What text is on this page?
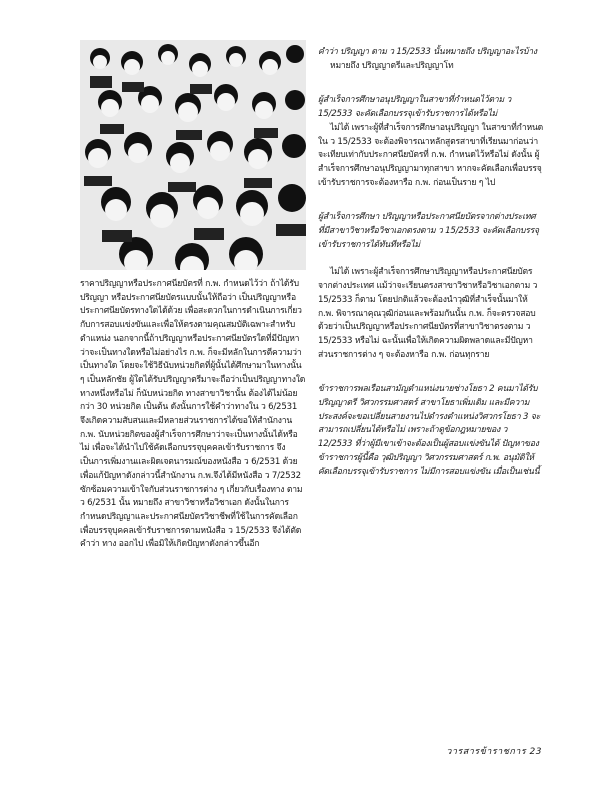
ราคาปริญญาหรือประกาศนียบัตรที่ ก.พ. กำหนดไว้ว่า ถ้าได้รับปริญญา หรือประกาศนียบัตรแบบนั้นให้ถือว่า เป็นปริญญาหรือประกาศนียบัตรทางใดได้ด้วย เพื่อสะดวกในการดำเนินการเกี่ยวกับการสอบแข่งขันและเพื่อให้ตรงตามคุณสมบัติเฉพาะสำหรับตำแหน่ง นอกจากนี้ถ้าปริญญาหรือประกาศนียบัตรใดที่มีปัญหาว่าจะเป็นทางใดหรือไม่อย่างไร ก.พ. ก็จะมีหลักในการตีความว่าเป็นทางใด โดยจะใช้วิธีนับหน่วยกิตที่ผู้นั้นได้ศึกษามาในทางนั้น ๆ เป็นหลักชัย ผู้ใดได้รับปริญญาตรีมาจะถือว่าเป็นปริญญาทางใดทางหนึ่งหรือไม่ ก็นับหน่วยกิต ทางสาขาวิชานั้น ต้องได้ไม่น้อยกว่า 30 หน่วยกิต เป็นต้น ดังนั้นการใช้คำว่าทางใน ว 6/2531 จึงเกิดความสับสนและมีหลายส่วนราชการได้ขอให้สำนักงาน ก.พ. นับหน่วยกิตของผู้สำเร็จการศึกษาว่าจะเป็นทางนั้นได้หรือไม่ เพื่อจะได้นำไปใช้คัดเลือกบรรจุบุคคลเข้ารับราชการ จึงเป็นการเพิ่มงานและผิดเจตนารมณ์ของหนังสือ ว 6/2531 ด้วย เพื่อแก้ปัญหาดังกล่าวนี้สำนักงาน ก.พ.จึงได้มีหนังสือ ว 7/2532 ซักซ้อมความเข้าใจกับส่วนราชการต่าง ๆ เกี่ยวกับเรื่องทาง ตาม ว 6/2531 นั้น หมายถึง สาขาวิชาหรือวิชาเอก ดังนั้นในการกำหนดปริญญาและประกาศนียบัตรวิชาชีพที่ใช้ในการคัดเลือกเพื่อบรรจุบุคคลเข้ารับราชการตามหนังสือ ว 15/2533 จึงได้ตัดคำว่า ทาง ออกไป เพื่อมิให้เกิดปัญหาดังกล่าวขึ้นอีก

คำว่า ปริญญา ตาม ว 15/2533 นั้นหมายถึง ปริญญาอะไรบ้าง

หมายถึง ปริญญาตรีและปริญญาโท

ผู้สำเร็จการศึกษาอนุปริญญาในสาขาที่กำหนดไว้ตาม ว 15/2533 จะคัดเลือกบรรจุเข้ารับราชการได้หรือไม่

ไม่ได้ เพราะผู้ที่สำเร็จการศึกษาอนุปริญญา ในสาขาที่กำหนดใน ว 15/2533 จะต้องพิจารณาหลักสูตรสาขาที่เรียนมาก่อนว่า จะเทียบเท่ากับประกาศนียบัตรที่ ก.พ. กำหนดไว้หรือไม่ ดังนั้น ผู้สำเร็จการศึกษาอนุปริญญามาทุกสาขา หากจะคัดเลือกเพื่อบรรจุเข้ารับราชการจะต้องหารือ ก.พ. ก่อนเป็นราย ๆ ไป

ผู้สำเร็จการศึกษา ปริญญาหรือประกาศนียบัตรจากต่างประเทศ ที่มีสาขาวิชาหรือวิชาเอกตรงตาม ว 15/2533 จะคัดเลือกบรรจุเข้ารับราชการได้ทันทีหรือไม่

ไม่ได้ เพราะผู้สำเร็จการศึกษาปริญญาหรือประกาศนียบัตรจากต่างประเทศ แม้ว่าจะเรียนตรงสาขาวิชาหรือวิชาเอกตาม ว 15/2533 ก็ตาม โดยปกติแล้วจะต้องนำวุฒิที่สำเร็จนั้นมาให้ ก.พ. พิจารณาคุณวุฒิก่อนและพร้อมกันนั้น ก.พ. ก็จะตรวจสอบด้วยว่าเป็นปริญญาหรือประกาศนียบัตรที่สาขาวิชาตรงตาม ว 15/2533 หรือไม่ ฉะนั้นเพื่อให้เกิดความผิดพลาดและมีปัญหา ส่วนราชการต่าง ๆ จะต้องหารือ ก.พ. ก่อนทุกราย

ข้าราชการพลเรือนสามัญตำแหน่งนายช่างโยธา 2 คนมาได้รับปริญญาตรี วิศวกรรมศาสตร์ สาขาโยธาเพิ่มเติม และมีความประสงค์จะขอเปลี่ยนสายงานไปดำรงตำแหน่งวิศวกรโยธา 3 จะสามารถเปลี่ยนได้หรือไม่ เพราะถ้าดูข้อกฎหมายของ ว 12/2533 ที่ว่าผู้มีเขาเข้าจะต้องเป็นผู้สอบแข่งขันได้ ปัญหาของข้าราชการผู้นี้คือ วุฒิปริญญา วิศวกรรมศาสตร์ ก.พ. อนุมัติให้คัดเลือกบรรจุเข้ารับราชการ ไม่มีการสอบแข่งขัน เมื่อเป็นเช่นนี้

วารสารข้าราชการ 23
